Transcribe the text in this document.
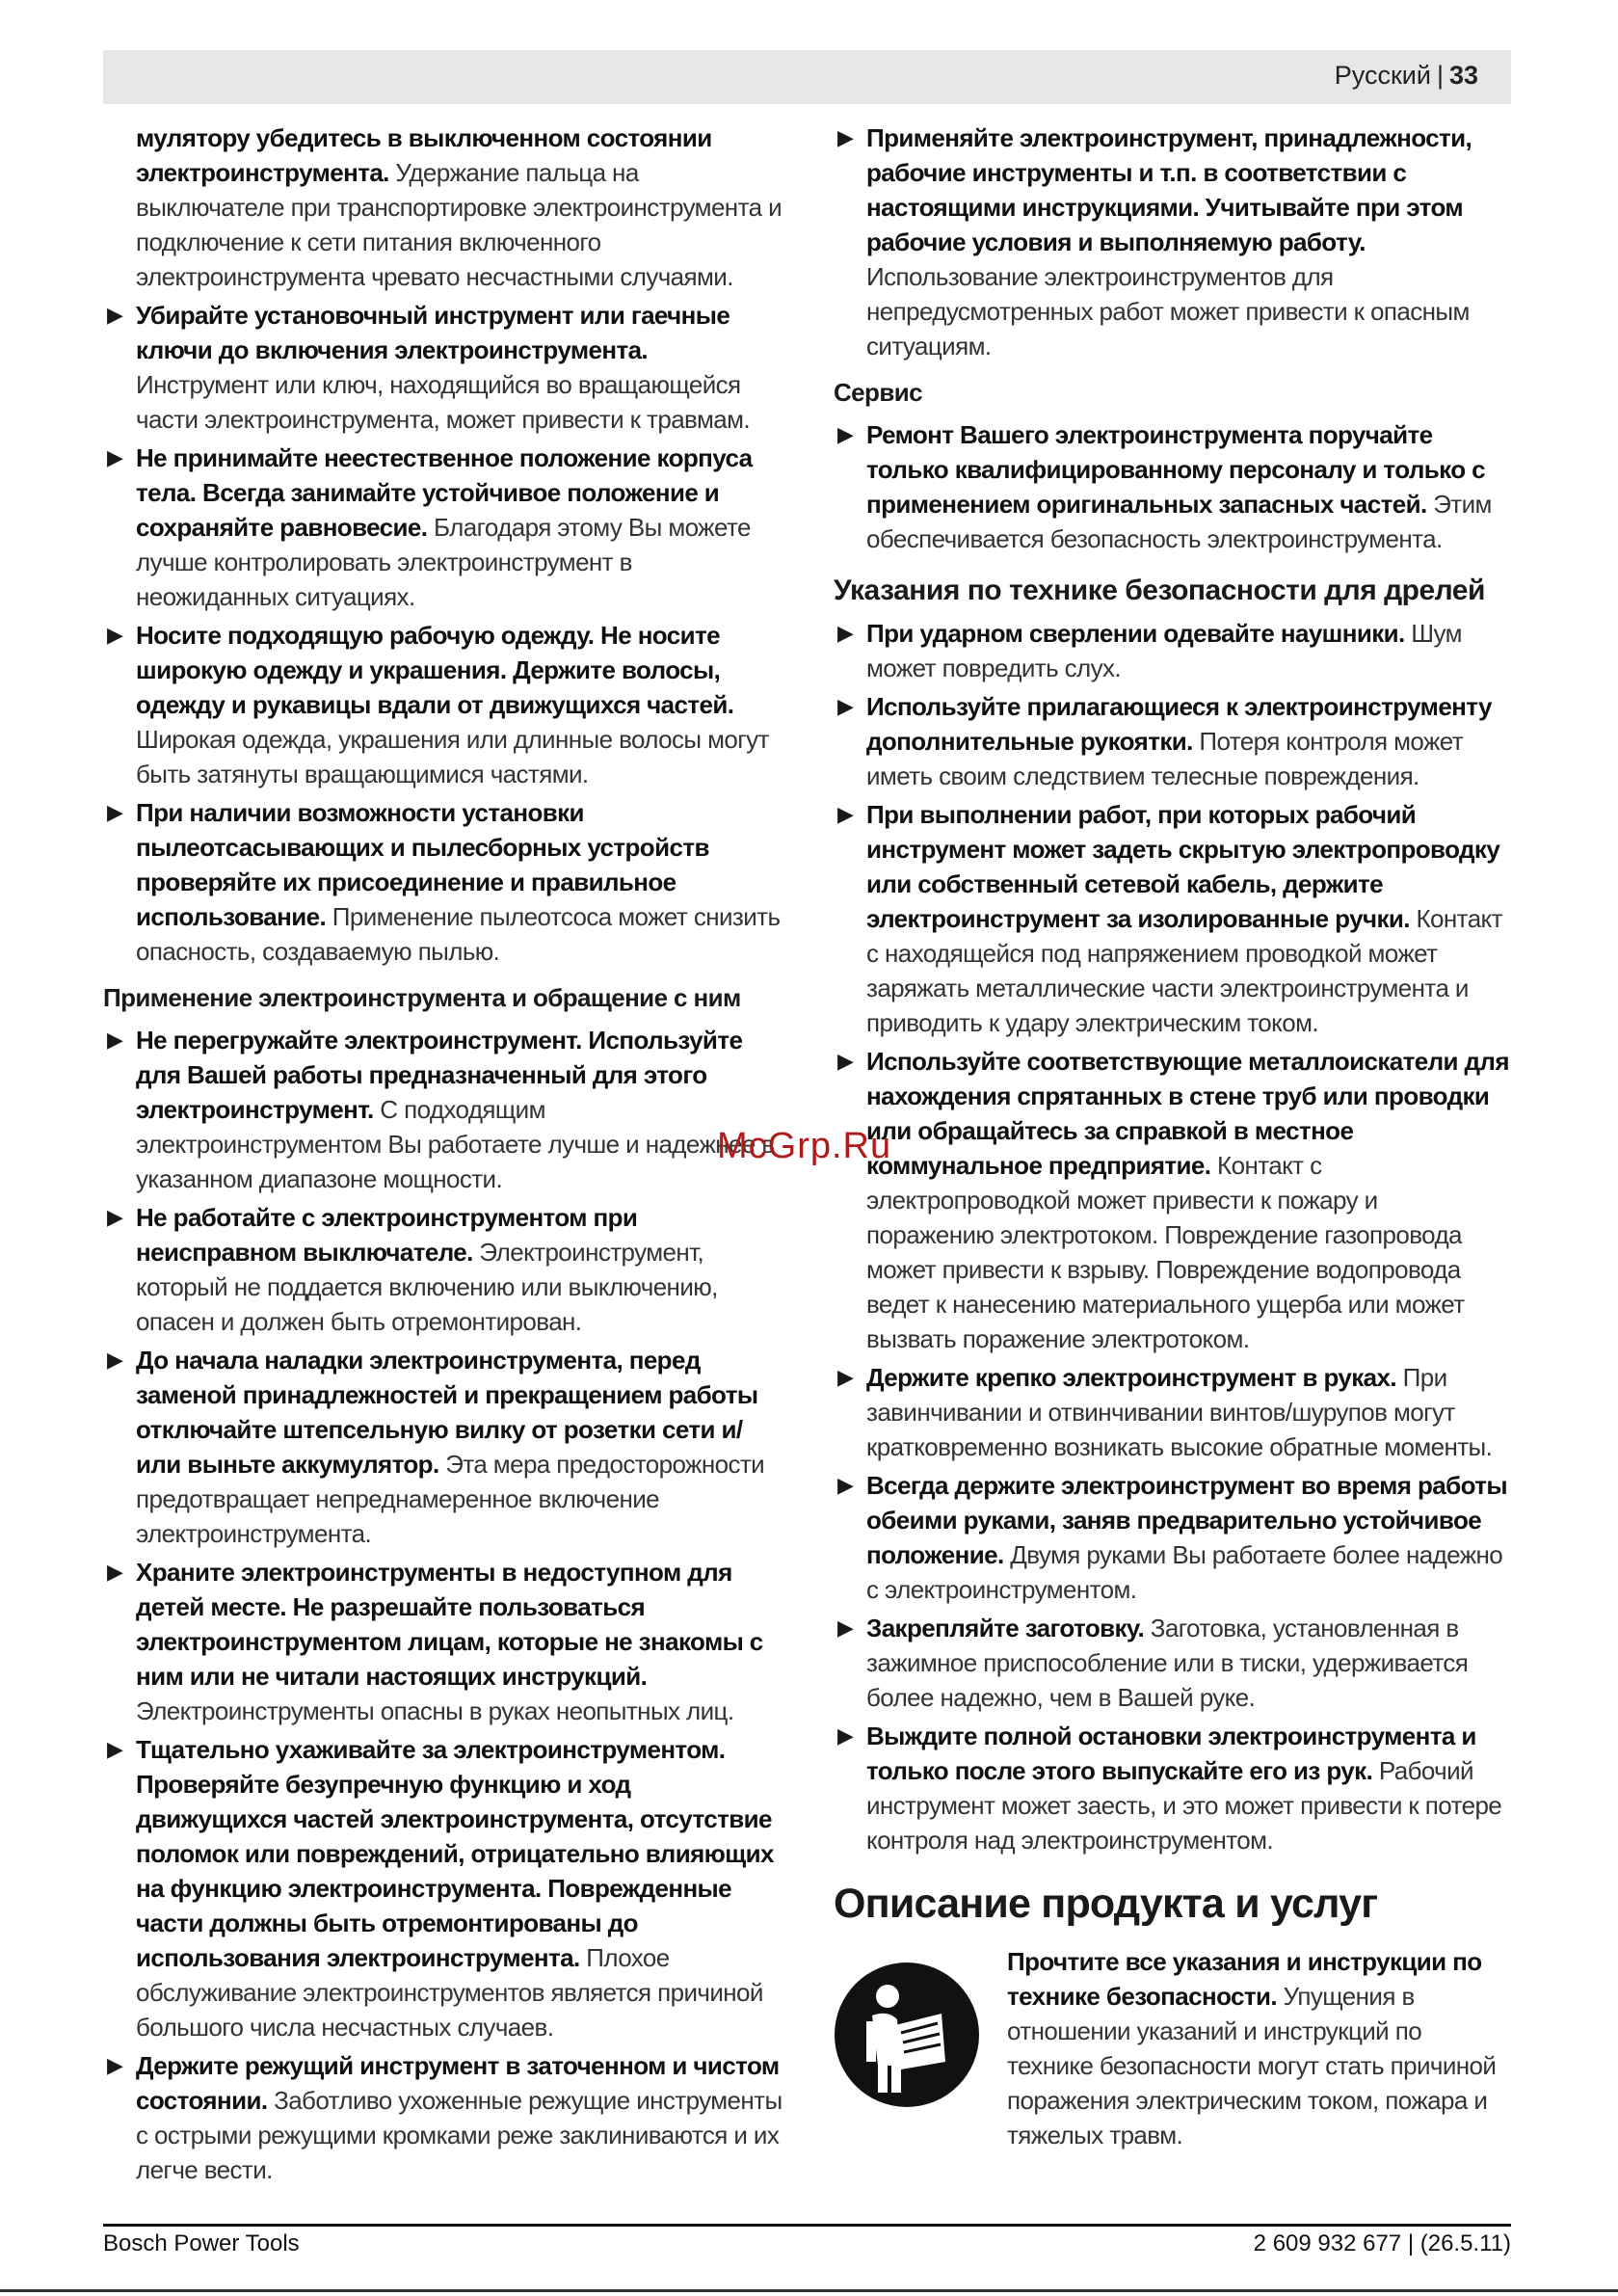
Русский | 33
мулятору убедитесь в выключенном состоянии электроинструмента. Удержание пальца на выключателе при транспортировке электроинструмента и подключение к сети питания включенного электроинструмента чревато несчастными случаями.
▶ Убирайте установочный инструмент или гаечные ключи до включения электроинструмента. Инструмент или ключ, находящийся во вращающейся части электроинструмента, может привести к травмам.
▶ Не принимайте неестественное положение корпуса тела. Всегда занимайте устойчивое положение и сохраняйте равновесие. Благодаря этому Вы можете лучше контролировать электроинструмент в неожиданных ситуациях.
▶ Носите подходящую рабочую одежду. Не носите широкую одежду и украшения. Держите волосы, одежду и рукавицы вдали от движущихся частей. Широкая одежда, украшения или длинные волосы могут быть затянуты вращающимися частями.
▶ При наличии возможности установки пылеотсасывающих и пылесборных устройств проверяйте их присоединение и правильное использование. Применение пылеотсоса может снизить опасность, создаваемую пылью.
Применение электроинструмента и обращение с ним
▶ Не перегружайте электроинструмент. Используйте для Вашей работы предназначенный для этого электроинструмент. С подходящим электроинструментом Вы работаете лучше и надежнее в указанном диапазоне мощности.
▶ Не работайте с электроинструментом при неисправном выключателе. Электроинструмент, который не поддается включению или выключению, опасен и должен быть отремонтирован.
▶ До начала наладки электроинструмента, перед заменой принадлежностей и прекращением работы отключайте штепсельную вилку от розетки сети и/или выньте аккумулятор. Эта мера предосторожности предотвращает непреднамеренное включение электроинструмента.
▶ Храните электроинструменты в недоступном для детей месте. Не разрешайте пользоваться электроинструментом лицам, которые не знакомы с ним или не читали настоящих инструкций. Электроинструменты опасны в руках неопытных лиц.
▶ Тщательно ухаживайте за электроинструментом. Проверяйте безупречную функцию и ход движущихся частей электроинструмента, отсутствие поломок или повреждений, отрицательно влияющих на функцию электроинструмента. Поврежденные части должны быть отремонтированы до использования электроинструмента. Плохое обслуживание электроинструментов является причиной большого числа несчастных случаев.
▶ Держите режущий инструмент в заточенном и чистом состоянии. Заботливо ухоженные режущие инструменты с острыми режущими кромками реже заклиниваются и их легче вести.
▶ Применяйте электроинструмент, принадлежности, рабочие инструменты и т.п. в соответствии с настоящими инструкциями. Учитывайте при этом рабочие условия и выполняемую работу. Использование электроинструментов для непредусмотренных работ может привести к опасным ситуациям.
Сервис
▶ Ремонт Вашего электроинструмента поручайте только квалифицированному персоналу и только с применением оригинальных запасных частей. Этим обеспечивается безопасность электроинструмента.
Указания по технике безопасности для дрелей
▶ При ударном сверлении одевайте наушники. Шум может повредить слух.
▶ Используйте прилагающиеся к электроинструменту дополнительные рукоятки. Потеря контроля может иметь своим следствием телесные повреждения.
▶ При выполнении работ, при которых рабочий инструмент может задеть скрытую электропроводку или собственный сетевой кабель, держите электроинструмент за изолированные ручки. Контакт с находящейся под напряжением проводкой может заряжать металлические части электроинструмента и приводить к удару электрическим током.
▶ Используйте соответствующие металлоискатели для нахождения спрятанных в стене труб или проводки или обращайтесь за справкой в местное коммунальное предприятие. Контакт с электропроводкой может привести к пожару и поражению электротоком. Повреждение газопровода может привести к взрыву. Повреждение водопровода ведет к нанесению материального ущерба или может вызвать поражение электротоком.
▶ Держите крепко электроинструмент в руках. При завинчивании и отвинчивании винтов/шурупов могут кратковременно возникать высокие обратные моменты.
▶ Всегда держите электроинструмент во время работы обеими руками, заняв предварительно устойчивое положение. Двумя руками Вы работаете более надежно с электроинструментом.
▶ Закрепляйте заготовку. Заготовка, установленная в зажимное приспособление или в тиски, удерживается более надежно, чем в Вашей руке.
▶ Выждите полной остановки электроинструмента и только после этого выпускайте его из рук. Рабочий инструмент может заесть, и это может привести к потере контроля над электроинструментом.
Описание продукта и услуг
Прочтите все указания и инструкции по технике безопасности. Упущения в отношении указаний и инструкций по технике безопасности могут стать причиной поражения электрическим током, пожара и тяжелых травм.
McGrp.Ru
Bosch Power Tools	2 609 932 677 | (26.5.11)
